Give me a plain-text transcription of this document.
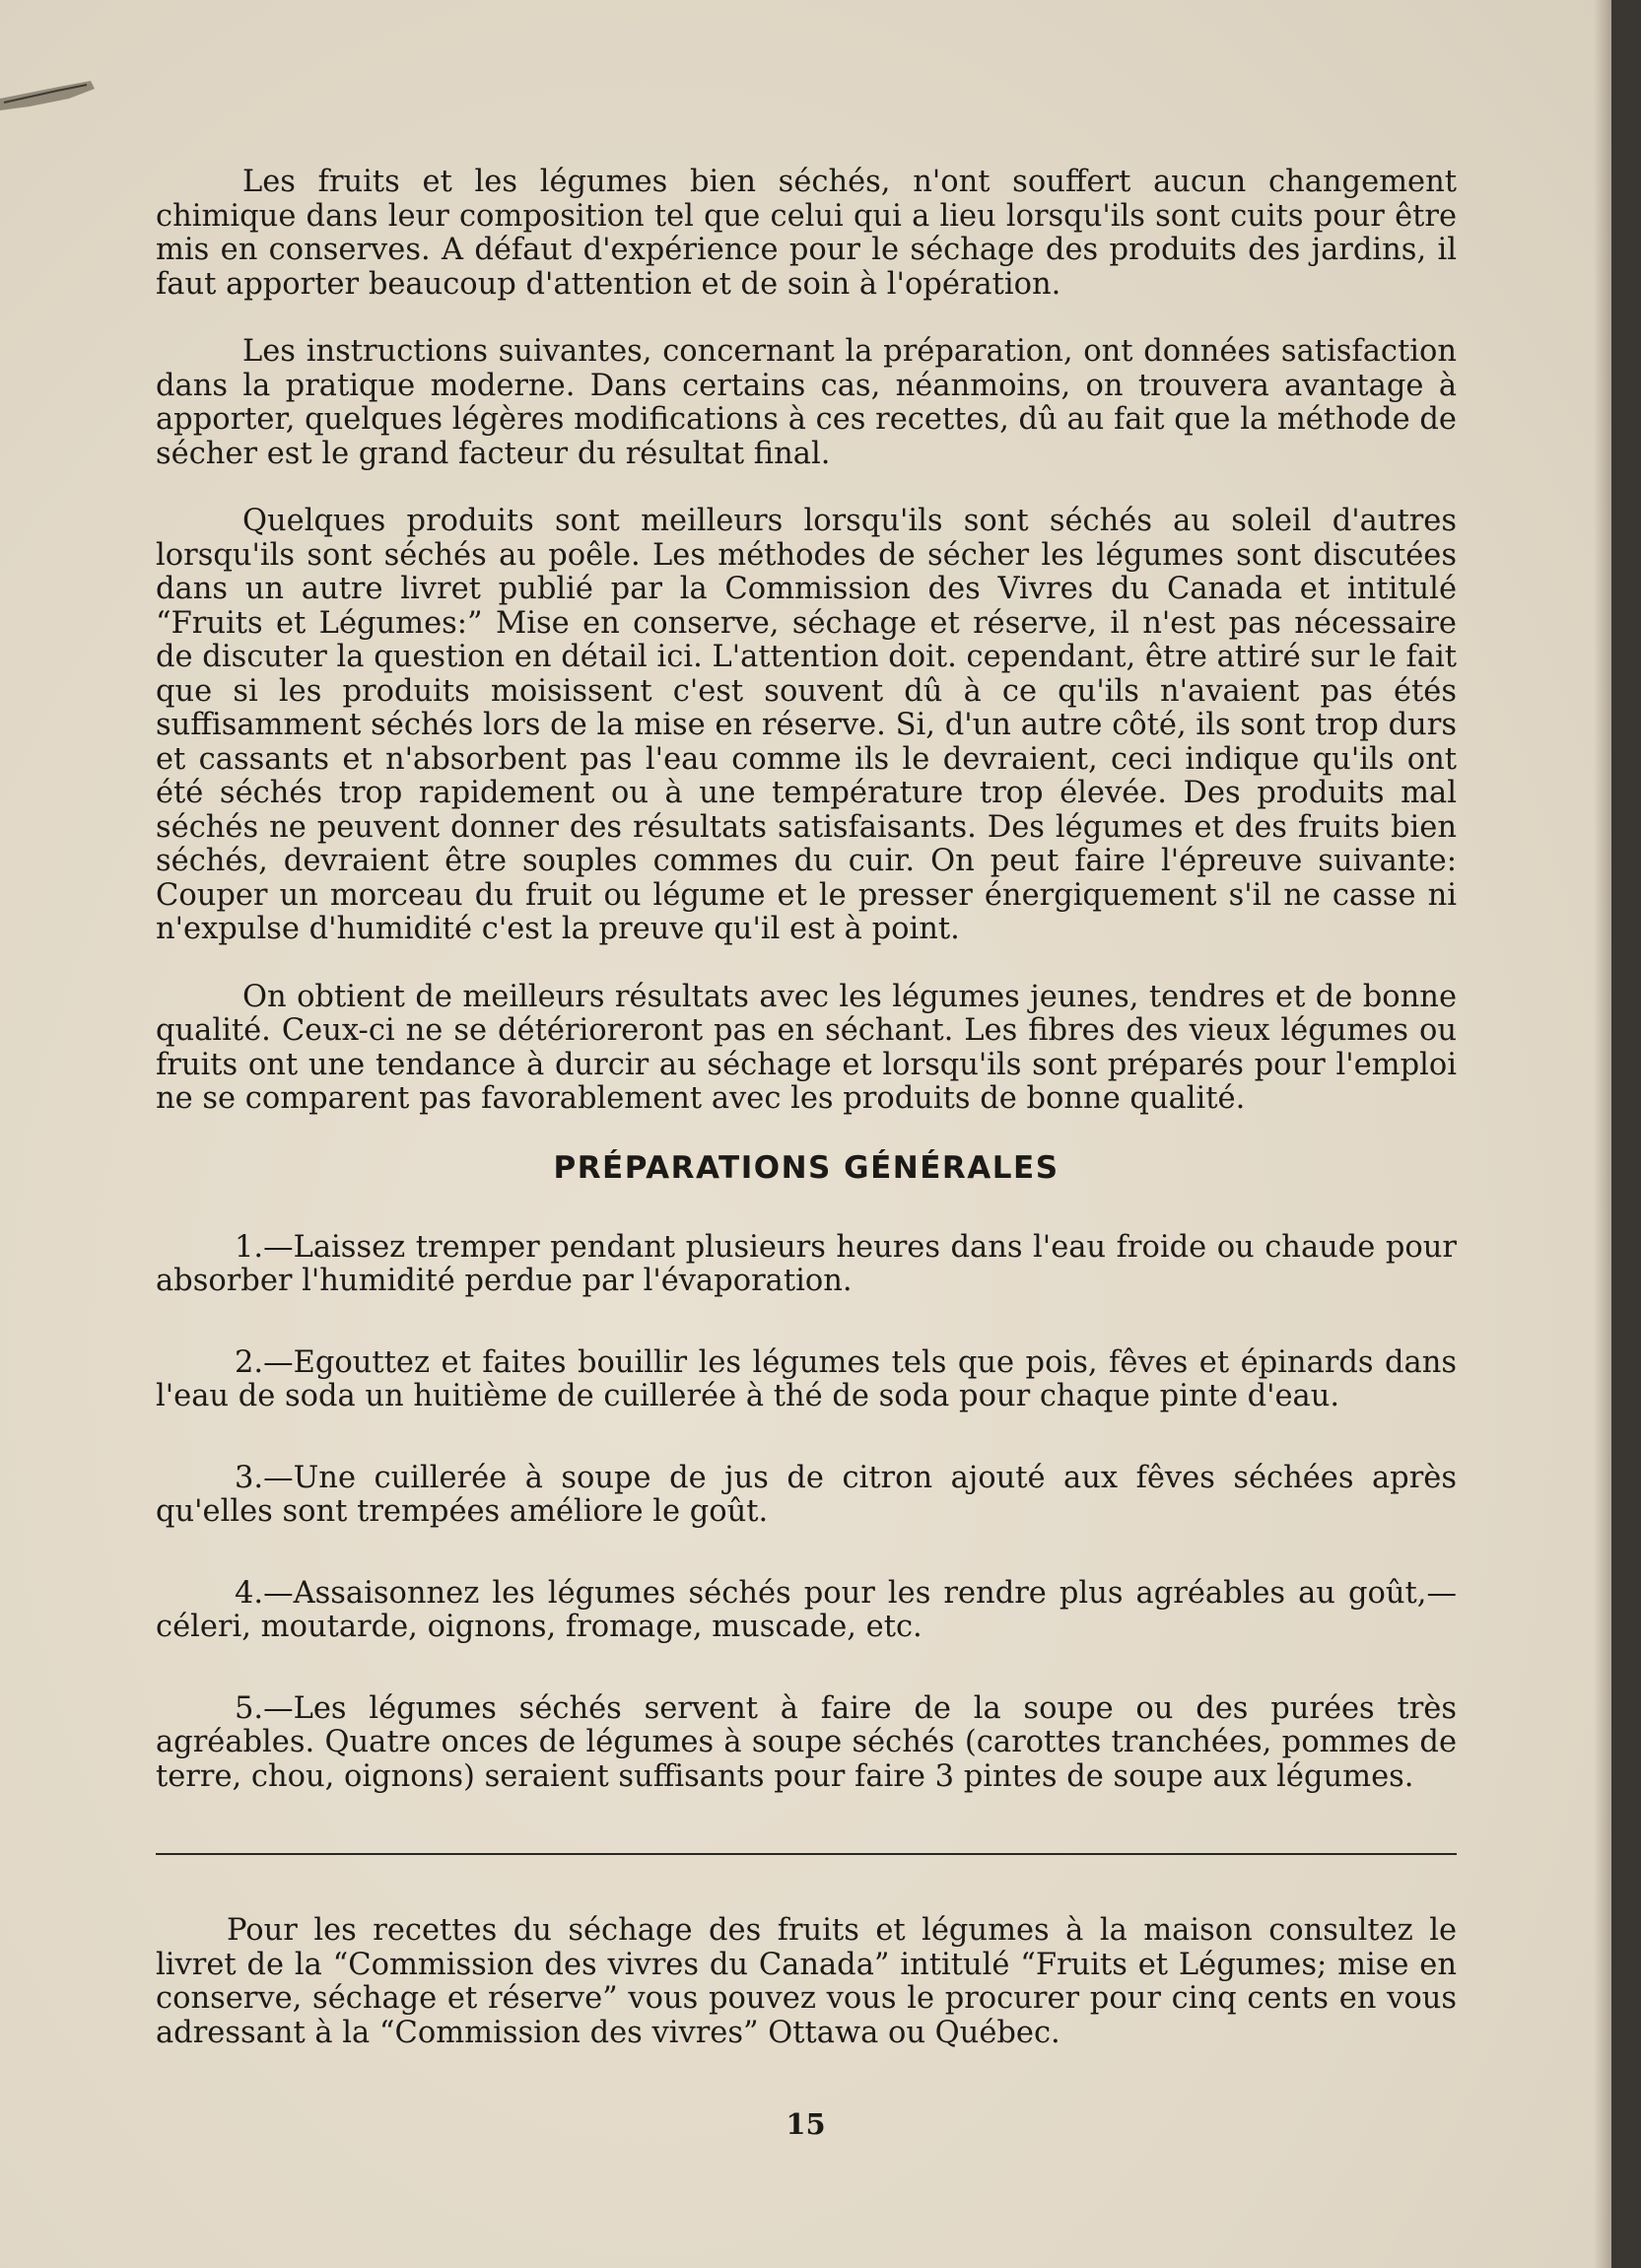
Les fruits et les légumes bien séchés, n'ont souffert aucun changement chimique dans leur composition tel que celui qui a lieu lorsqu'ils sont cuits pour être mis en conserves. A défaut d'expérience pour le séchage des produits des jardins, il faut apporter beaucoup d'attention et de soin à l'opération.

Les instructions suivantes, concernant la préparation, ont données satisfaction dans la pratique moderne. Dans certains cas, néanmoins, on trouvera avantage à apporter, quelques légères modifications à ces recettes, dû au fait que la méthode de sécher est le grand facteur du résultat final.

Quelques produits sont meilleurs lorsqu'ils sont séchés au soleil d'autres lorsqu'ils sont séchés au poêle. Les méthodes de sécher les légumes sont discutées dans un autre livret publié par la Commission des Vivres du Canada et intitulé “Fruits et Légumes:” Mise en conserve, séchage et réserve, il n'est pas nécessaire de discuter la question en détail ici. L'attention doit. cependant, être attiré sur le fait que si les produits moisissent c'est souvent dû à ce qu'ils n'avaient pas étés suffisamment séchés lors de la mise en réserve. Si, d'un autre côté, ils sont trop durs et cassants et n'absorbent pas l'eau comme ils le devraient, ceci indique qu'ils ont été séchés trop rapidement ou à une température trop élevée. Des produits mal séchés ne peuvent donner des résultats satisfaisants. Des légumes et des fruits bien séchés, devraient être souples commes du cuir. On peut faire l'épreuve suivante: Couper un morceau du fruit ou légume et le presser énergiquement s'il ne casse ni n'expulse d'humidité c'est la preuve qu'il est à point.

On obtient de meilleurs résultats avec les légumes jeunes, tendres et de bonne qualité. Ceux-ci ne se détérioreront pas en séchant. Les fibres des vieux légumes ou fruits ont une tendance à durcir au séchage et lorsqu'ils sont préparés pour l'emploi ne se comparent pas favorablement avec les produits de bonne qualité.

PRÉPARATIONS GÉNÉRALES

1.—Laissez tremper pendant plusieurs heures dans l'eau froide ou chaude pour absorber l'humidité perdue par l'évaporation.

2.—Egouttez et faites bouillir les légumes tels que pois, fêves et épinards dans l'eau de soda un huitième de cuillerée à thé de soda pour chaque pinte d'eau.

3.—Une cuillerée à soupe de jus de citron ajouté aux fêves séchées après qu'elles sont trempées améliore le goût.

4.—Assaisonnez les légumes séchés pour les rendre plus agréables au goût,—céleri, moutarde, oignons, fromage, muscade, etc.

5.—Les légumes séchés servent à faire de la soupe ou des purées très agréables. Quatre onces de légumes à soupe séchés (carottes tranchées, pommes de terre, chou, oignons) seraient suffisants pour faire 3 pintes de soupe aux légumes.

Pour les recettes du séchage des fruits et légumes à la maison consultez le livret de la “Commission des vivres du Canada” intitulé “Fruits et Légumes; mise en conserve, séchage et réserve” vous pouvez vous le procurer pour cinq cents en vous adressant à la “Commission des vivres” Ottawa ou Québec.

15
